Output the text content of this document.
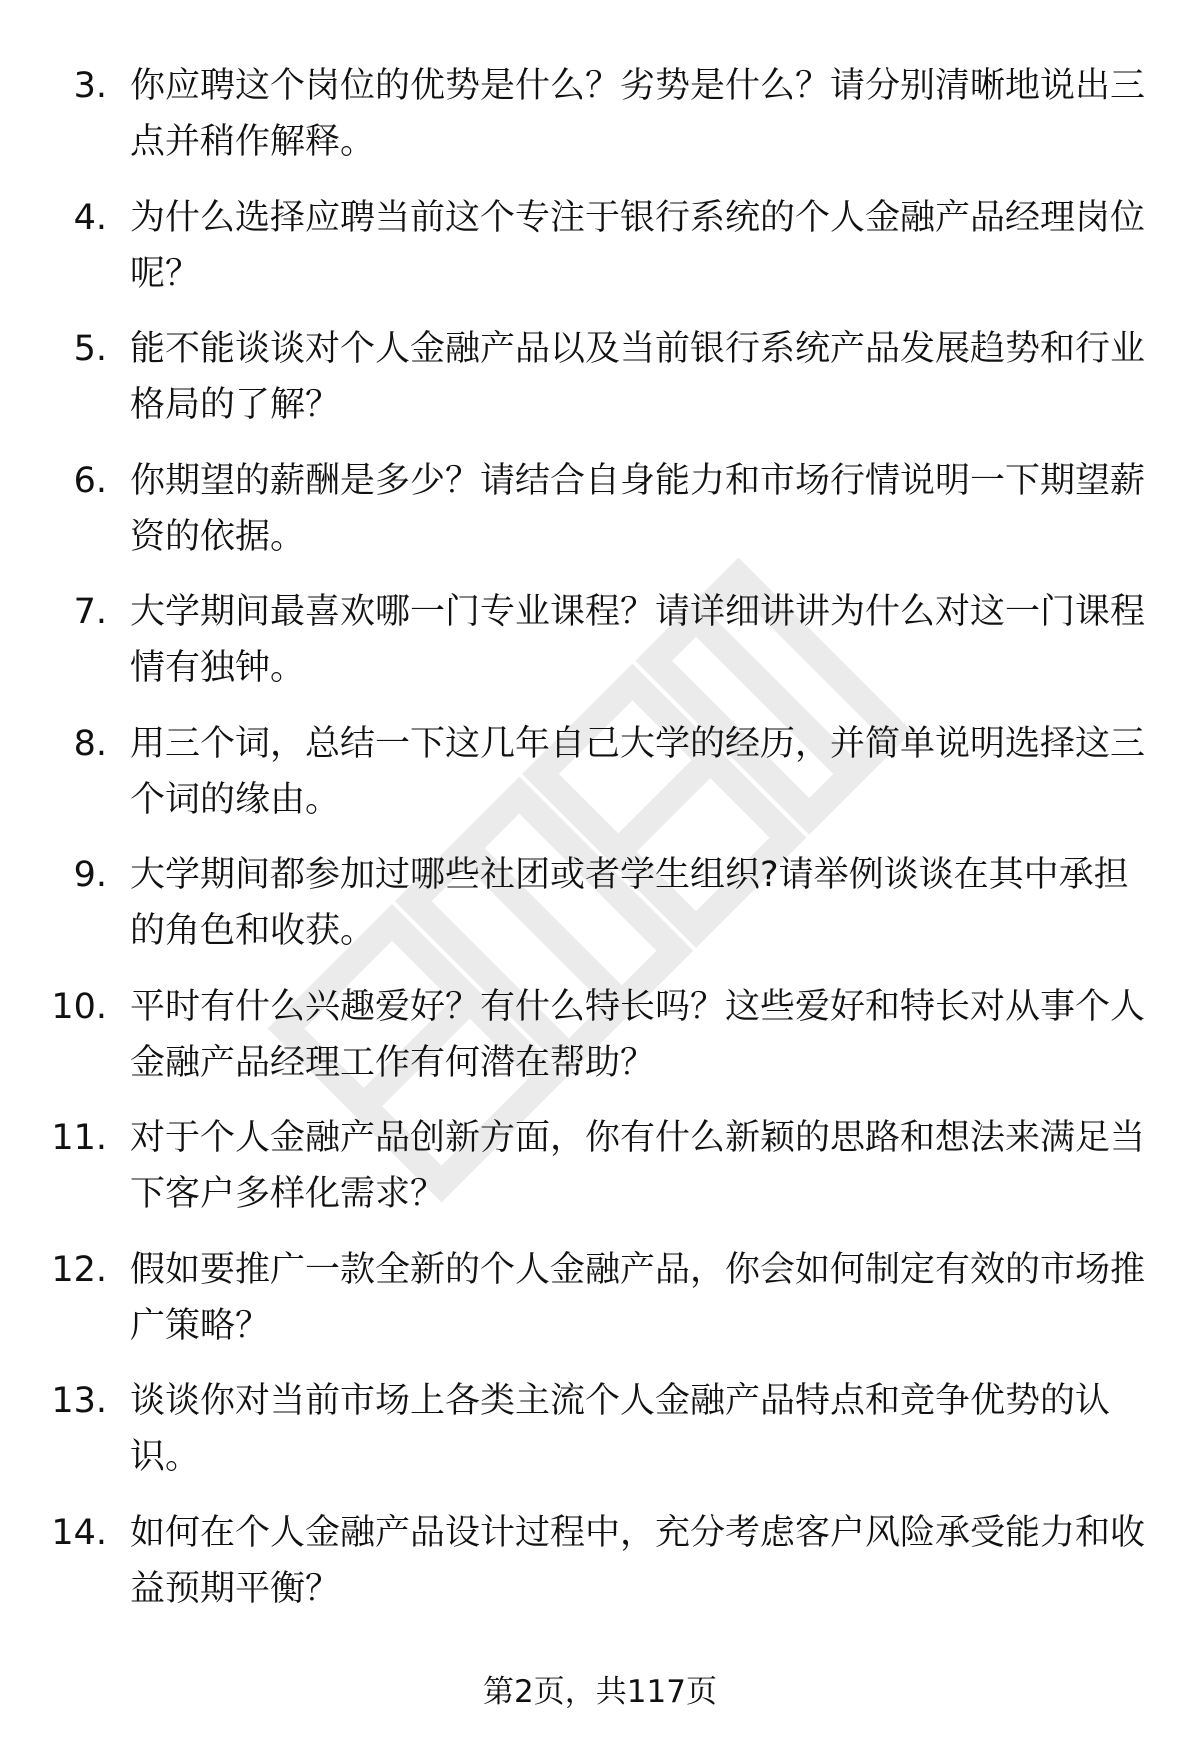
3. 你应聘这个岗位的优势是什么？劣势是什么？请分别清晰地说出三点并稍作解释。
4. 为什么选择应聘当前这个专注于银行系统的个人金融产品经理岗位呢？
5. 能不能谈谈对个人金融产品以及当前银行系统产品发展趋势和行业格局的了解？
6. 你期望的薪酬是多少？请结合自身能力和市场行情说明一下期望薪资的依据。
7. 大学期间最喜欢哪一门专业课程？请详细讲讲为什么对这一门课程情有独钟。
8. 用三个词，总结一下这几年自己大学的经历，并简单说明选择这三个词的缘由。
9. 大学期间都参加过哪些社团或者学生组织?请举例谈谈在其中承担的角色和收获。
10. 平时有什么兴趣爱好？有什么特长吗？这些爱好和特长对从事个人金融产品经理工作有何潜在帮助？
11. 对于个人金融产品创新方面，你有什么新颖的思路和想法来满足当下客户多样化需求？
12. 假如要推广一款全新的个人金融产品，你会如何制定有效的市场推广策略？
13. 谈谈你对当前市场上各类主流个人金融产品特点和竞争优势的认识。
14. 如何在个人金融产品设计过程中，充分考虑客户风险承受能力和收益预期平衡？
第2页，共117页
